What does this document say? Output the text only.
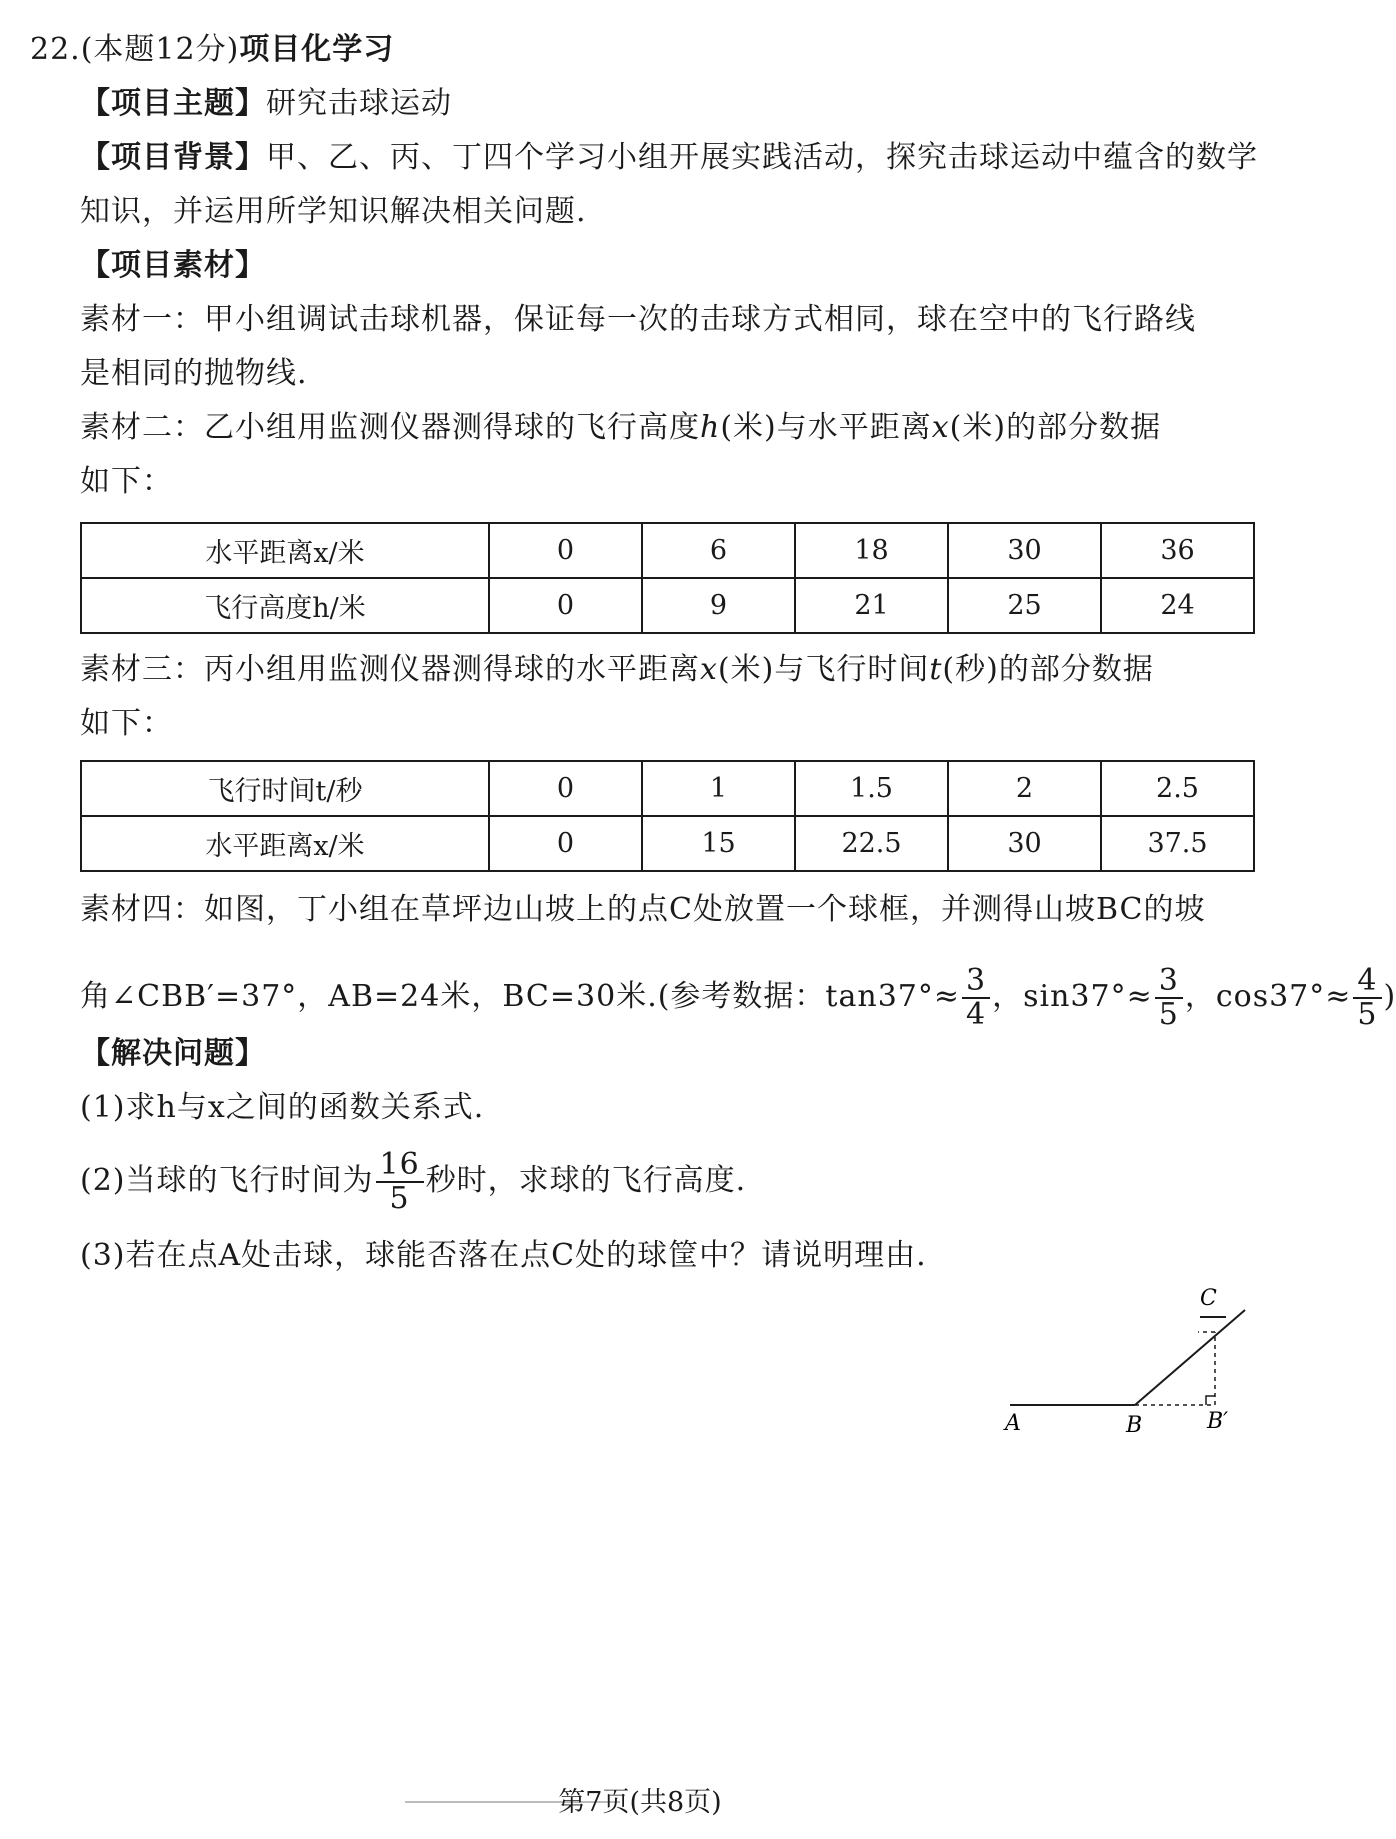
22.(本题12分)项目化学习
【项目主题】研究击球运动
【项目背景】甲、乙、丙、丁四个学习小组开展实践活动，探究击球运动中蕴含的数学
知识，并运用所学知识解决相关问题.
【项目素材】
素材一：甲小组调试击球机器，保证每一次的击球方式相同，球在空中的飞行路线
是相同的抛物线.
素材二：乙小组用监测仪器测得球的飞行高度h(米)与水平距离x(米)的部分数据
如下：
水平距离x/米	0	6	18	30	36
飞行高度h/米	0	9	21	25	24
素材三：丙小组用监测仪器测得球的水平距离x(米)与飞行时间t(秒)的部分数据
如下：
飞行时间t/秒	0	1	1.5	2	2.5
水平距离x/米	0	15	22.5	30	37.5
素材四：如图，丁小组在草坪边山坡上的点C处放置一个球框，并测得山坡BC的坡
角∠CBB′=37°，AB=24米，BC=30米.(参考数据：$\tan 37^\circ\approx \frac{3}{4}$ ，$\sin 37^\circ\approx \frac{3}{5}$ ，$\cos 37^\circ\approx \frac{4}{5}$ )
【解决问题】
(1)求h与x之间的函数关系式.
(2)当球的飞行时间为 $\frac{16}{5}$ 秒时，求球的飞行高度.
(3)若在点A处击球，球能否落在点C处的球筐中？请说明理由.
A	B	B′
C
第7页(共8页)
